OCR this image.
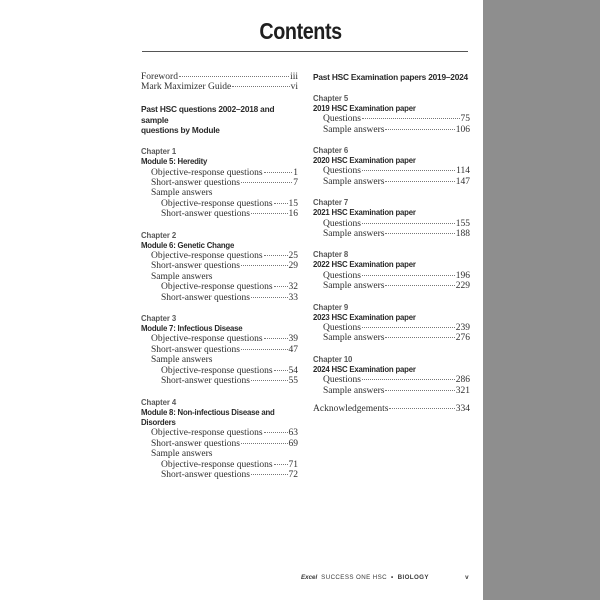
Contents
Foreword	iii
Mark Maximizer Guide	vi
Past HSC questions 2002–2018 and sample
questions by Module
Chapter 1
Module 5: Heredity
Objective-response questions	1
Short-answer questions	7
Sample answers
Objective-response questions 15
Short-answer questions	16
Chapter 2
Module 6: Genetic Change
Objective-response questions	25
Short-answer questions	29
Sample answers
Objective-response questions 32
Short-answer questions	33
Chapter 3
Module 7: Infectious Disease
Objective-response questions	39
Short-answer questions	47
Sample answers
Objective-response questions 54
Short-answer questions	55
Chapter 4
Module 8: Non-infectious Disease and Disorders
Objective-response questions	63
Short-answer questions	69
Sample answers
Objective-response questions 71
Short-answer questions	72
Past HSC Examination papers 2019–2024
Chapter 5
2019 HSC Examination paper
Questions	75
Sample answers	106
Chapter 6
2020 HSC Examination paper
Questions	114
Sample answers	147
Chapter 7
2021 HSC Examination paper
Questions	155
Sample answers	188
Chapter 8
2022 HSC Examination paper
Questions	196
Sample answers	229
Chapter 9
2023 HSC Examination paper
Questions	239
Sample answers	276
Chapter 10
2024 HSC Examination paper
Questions	286
Sample answers	321
Acknowledgements	334
Excel SUCCESS ONE HSC • BIOLOGY	v
